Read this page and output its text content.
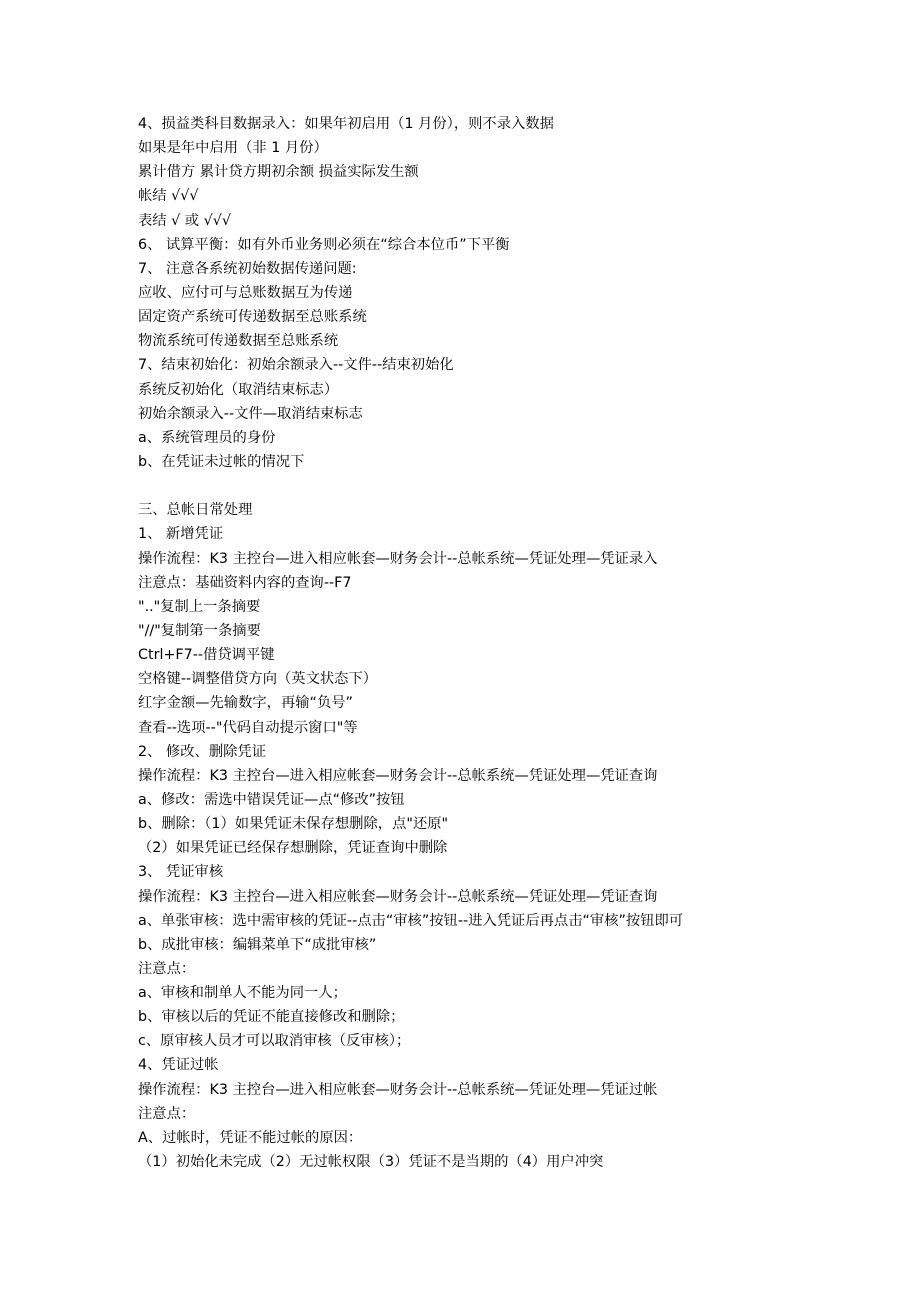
4、损益类科目数据录入：如果年初启用（1 月份），则不录入数据
如果是年中启用（非 1 月份）
累计借方 累计贷方期初余额 损益实际发生额
帐结 √√√
表结 √ 或 √√√
6、 试算平衡：如有外币业务则必须在“综合本位币”下平衡
7、 注意各系统初始数据传递问题:
应收、应付可与总账数据互为传递
固定资产系统可传递数据至总账系统
物流系统可传递数据至总账系统
7、结束初始化：初始余额录入--文件--结束初始化
系统反初始化（取消结束标志）
初始余额录入--文件—取消结束标志
a、系统管理员的身份
b、在凭证未过帐的情况下
三、总帐日常处理
1、 新增凭证
操作流程：K3 主控台—进入相应帐套—财务会计--总帐系统—凭证处理—凭证录入
注意点：基础资料内容的查询--F7
".."复制上一条摘要
"//"复制第一条摘要
Ctrl+F7--借贷调平键
空格键--调整借贷方向（英文状态下）
红字金额—先输数字，再输“负号”
查看--选项--"代码自动提示窗口"等
2、 修改、删除凭证
操作流程：K3 主控台—进入相应帐套—财务会计--总帐系统—凭证处理—凭证查询
a、修改：需选中错误凭证—点“修改”按钮
b、删除：（1）如果凭证未保存想删除，点"还原"
（2）如果凭证已经保存想删除，凭证查询中删除
3、 凭证审核
操作流程：K3 主控台—进入相应帐套—财务会计--总帐系统—凭证处理—凭证查询
a、单张审核：选中需审核的凭证--点击“审核”按钮--进入凭证后再点击“审核”按钮即可
b、成批审核：编辑菜单下“成批审核”
注意点：
a、审核和制单人不能为同一人；
b、审核以后的凭证不能直接修改和删除；
c、原审核人员才可以取消审核（反审核）；
4、凭证过帐
操作流程：K3 主控台—进入相应帐套—财务会计--总帐系统—凭证处理—凭证过帐
注意点：
A、过帐时，凭证不能过帐的原因：
（1）初始化未完成（2）无过帐权限（3）凭证不是当期的（4）用户冲突
